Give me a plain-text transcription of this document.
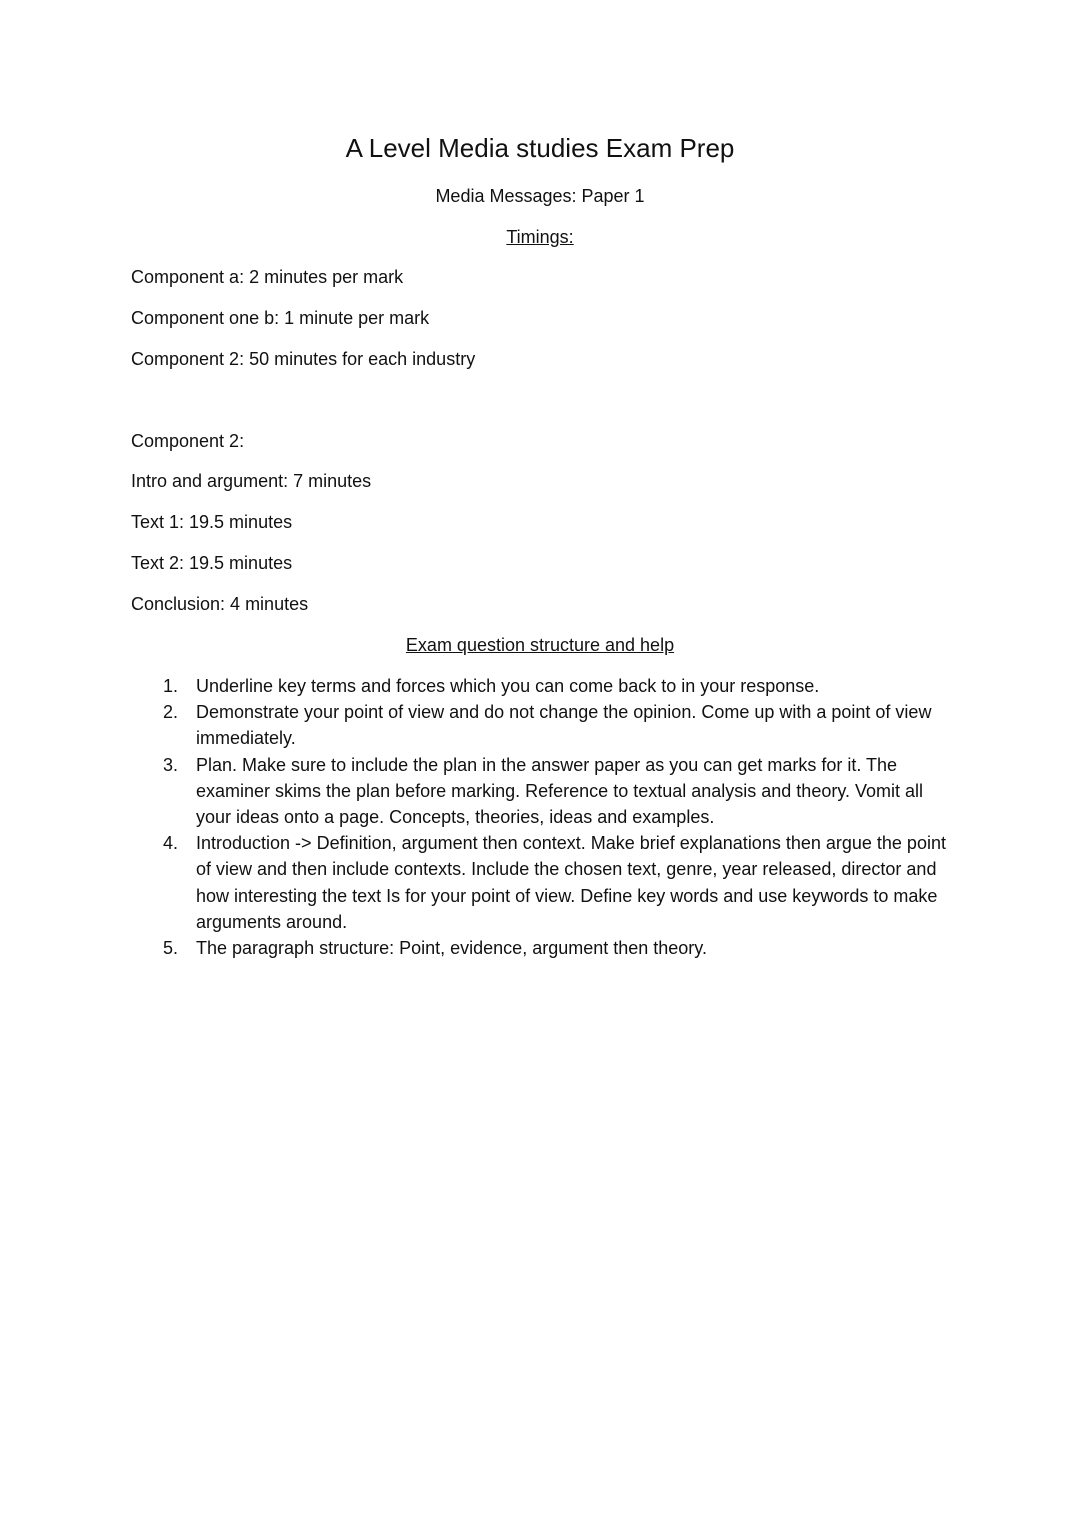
A Level Media studies Exam Prep
Media Messages: Paper 1
Timings:
Component a: 2 minutes per mark
Component one b: 1 minute per mark
Component 2: 50 minutes for each industry
Component 2:
Intro and argument: 7 minutes
Text 1: 19.5 minutes
Text 2: 19.5 minutes
Conclusion: 4 minutes
Exam question structure and help
1. Underline key terms and forces which you can come back to in your response.
2. Demonstrate your point of view and do not change the opinion. Come up with a point of view immediately.
3. Plan. Make sure to include the plan in the answer paper as you can get marks for it. The examiner skims the plan before marking. Reference to textual analysis and theory. Vomit all your ideas onto a page. Concepts, theories, ideas and examples.
4. Introduction -> Definition, argument then context. Make brief explanations then argue the point of view and then include contexts. Include the chosen text, genre, year released, director and how interesting the text Is for your point of view. Define key words and use keywords to make arguments around.
5. The paragraph structure: Point, evidence, argument then theory.
